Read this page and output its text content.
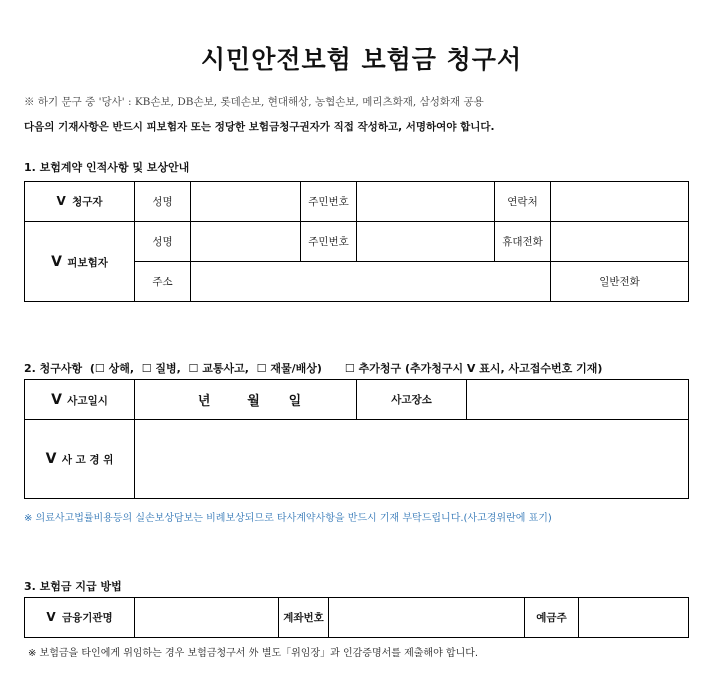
시민안전보험 보험금 청구서
※ 하기 문구 중 '당사' : KB손보, DB손보, 롯데손보, 현대해상, 농협손보, 메리츠화재, 삼성화재 공용
다음의 기재사항은 반드시 피보험자 또는 정당한 보험금청구권자가 직접 작성하고, 서명하여야 합니다.
1. 보험계약 인적사항 및 보상안내
V 청구자	성명		주민번호		연락처		
V 피보험자	성명		주민번호		휴대전화		
	주소					일반전화	
2. 청구사항  (☐ 상해, ☐ 질병, ☐ 교통사고, ☐ 재물/배상) ☐ 추가청구 (추가청구시 V 표시, 사고접수번호 기재)
V 사고일시	년 월 일	사고장소	
V 사 고 경 위			
※ 의료사고법률비용등의 실손보상담보는 비례보상되므로 타사계약사항을 반드시 기재 부탁드립니다.(사고경위란에 표기)
3. 보험금 지급 방법
V 금융기관명		계좌번호		예금주	
※ 보험금을 타인에게 위임하는 경우 보험금청구서 外 별도「위임장」과 인감증명서를 제출해야 합니다.
